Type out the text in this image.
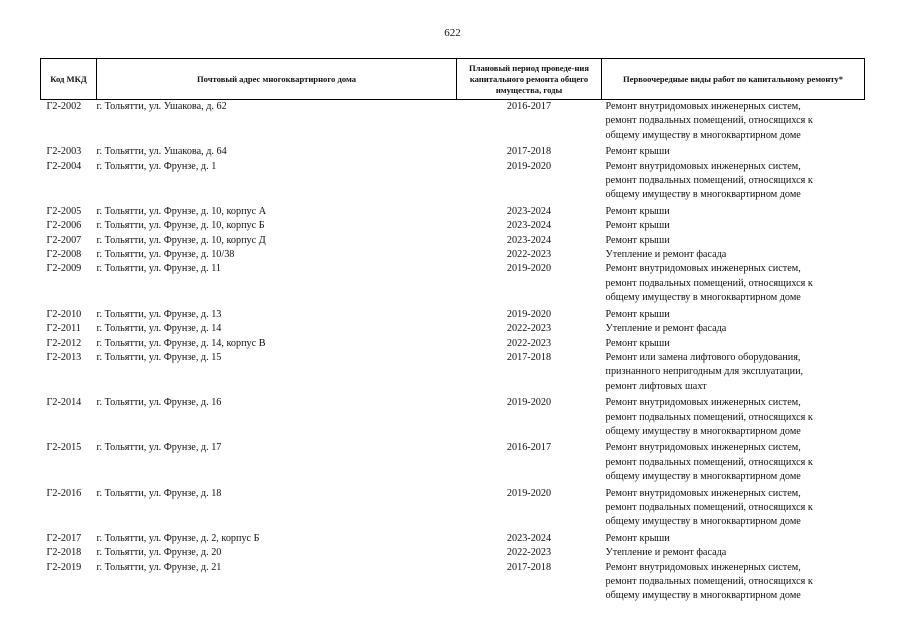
622
Код МКД	Почтовый адрес многоквартирного дома	Плановый период проведе-ния капитального ремонта общего имущества, годы	Первоочередные виды работ по капитальному ремонту*
Г2-2002	г. Тольятти, ул. Ушакова, д. 62	2016-2017	Ремонт внутридомовых инженерных систем,
ремонт подвальных помещений, относящихся к
общему имуществу в многоквартирном доме

Г2-2003	г. Тольятти, ул. Ушакова, д. 64	2017-2018	Ремонт крыши

Г2-2004	г. Тольятти, ул. Фрунзе, д. 1	2019-2020	Ремонт внутридомовых инженерных систем,
ремонт подвальных помещений, относящихся к
общему имуществу в многоквартирном доме

Г2-2005	г. Тольятти, ул. Фрунзе, д. 10, корпус А	2023-2024	Ремонт крыши

Г2-2006	г. Тольятти, ул. Фрунзе, д. 10, корпус Б	2023-2024	Ремонт крыши

Г2-2007	г. Тольятти, ул. Фрунзе, д. 10, корпус Д	2023-2024	Ремонт крыши

Г2-2008	г. Тольятти, ул. Фрунзе, д. 10/38	2022-2023	Утепление и ремонт фасада

Г2-2009	г. Тольятти, ул. Фрунзе, д. 11	2019-2020	Ремонт внутридомовых инженерных систем,
ремонт подвальных помещений, относящихся к
общему имуществу в многоквартирном доме

Г2-2010	г. Тольятти, ул. Фрунзе, д. 13	2019-2020	Ремонт крыши

Г2-2011	г. Тольятти, ул. Фрунзе, д. 14	2022-2023	Утепление и ремонт фасада

Г2-2012	г. Тольятти, ул. Фрунзе, д. 14, корпус В	2022-2023	Ремонт крыши

Г2-2013	г. Тольятти, ул. Фрунзе, д. 15	2017-2018	Ремонт или замена лифтового оборудования,
признанного непригодным для эксплуатации,
ремонт лифтовых шахт

Г2-2014	г. Тольятти, ул. Фрунзе, д. 16	2019-2020	Ремонт внутридомовых инженерных систем,
ремонт подвальных помещений, относящихся к
общему имуществу в многоквартирном доме

Г2-2015	г. Тольятти, ул. Фрунзе, д. 17	2016-2017	Ремонт внутридомовых инженерных систем,
ремонт подвальных помещений, относящихся к
общему имуществу в многоквартирном доме

Г2-2016	г. Тольятти, ул. Фрунзе, д. 18	2019-2020	Ремонт внутридомовых инженерных систем,
ремонт подвальных помещений, относящихся к
общему имуществу в многоквартирном доме

Г2-2017	г. Тольятти, ул. Фрунзе, д. 2, корпус Б	2023-2024	Ремонт крыши

Г2-2018	г. Тольятти, ул. Фрунзе, д. 20	2022-2023	Утепление и ремонт фасада

Г2-2019	г. Тольятти, ул. Фрунзе, д. 21	2017-2018	Ремонт внутридомовых инженерных систем,
ремонт подвальных помещений, относящихся к
общему имуществу в многоквартирном доме
